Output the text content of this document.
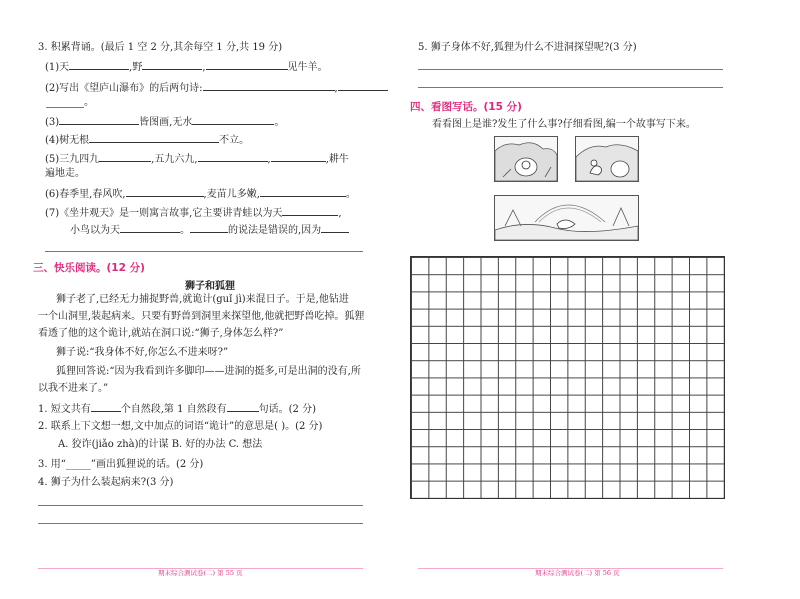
3. 积累背诵。(最后 1 空 2 分,其余每空 1 分,共 19 分)
(1)天	,野	,	见牛羊。
(2)写出《望庐山瀑布》的后两句诗:	,
。
(3)	皆图画,无水	。
(4)树无根	不立。
(5)三九四九	,五九六九,	,	,耕牛
遍地走。
(6)春季里,春风吹,	,麦苗儿多嫩,	。
(7)《坐井观天》是一则寓言故事,它主要讲青蛙以为天	,
小鸟以为天	。	的说法是错误的,因为
三、快乐阅读。(12 分)
狮子和狐狸
狮子老了,已经无力捕捉野兽,就诡计(guǐ jì)来混日子。于是,他钻进
一个山洞里,装起病来。只要有野兽到洞里来探望他,他就把野兽吃掉。狐狸
看透了他的这个诡计,就站在洞口说:“狮子,身体怎么样?”
狮子说:“我身体不好,你怎么不进来呀?”
狐狸回答说:“因为我看到许多脚印——进洞的挺多,可是出洞的没有,所
以我不进来了。”
1. 短文共有	个自然段,第 1 自然段有	句话。(2 分)
2. 联系上下文想一想,文中加点的词语“诡计”的意思是( )。(2 分)
A. 狡诈(jiǎo zhà)的计谋 B. 好的办法 C. 想法
3. 用“_____”画出狐狸说的话。(2 分)
4. 狮子为什么装起病来?(3 分)
期末综合测试卷(二) 第 55 页
5. 狮子身体不好,狐狸为什么不进洞探望呢?(3 分)
四、看图写话。(15 分)
看看图上是谁?发生了什么事?仔细看图,编一个故事写下来。
期末综合测试卷(二) 第 56 页
